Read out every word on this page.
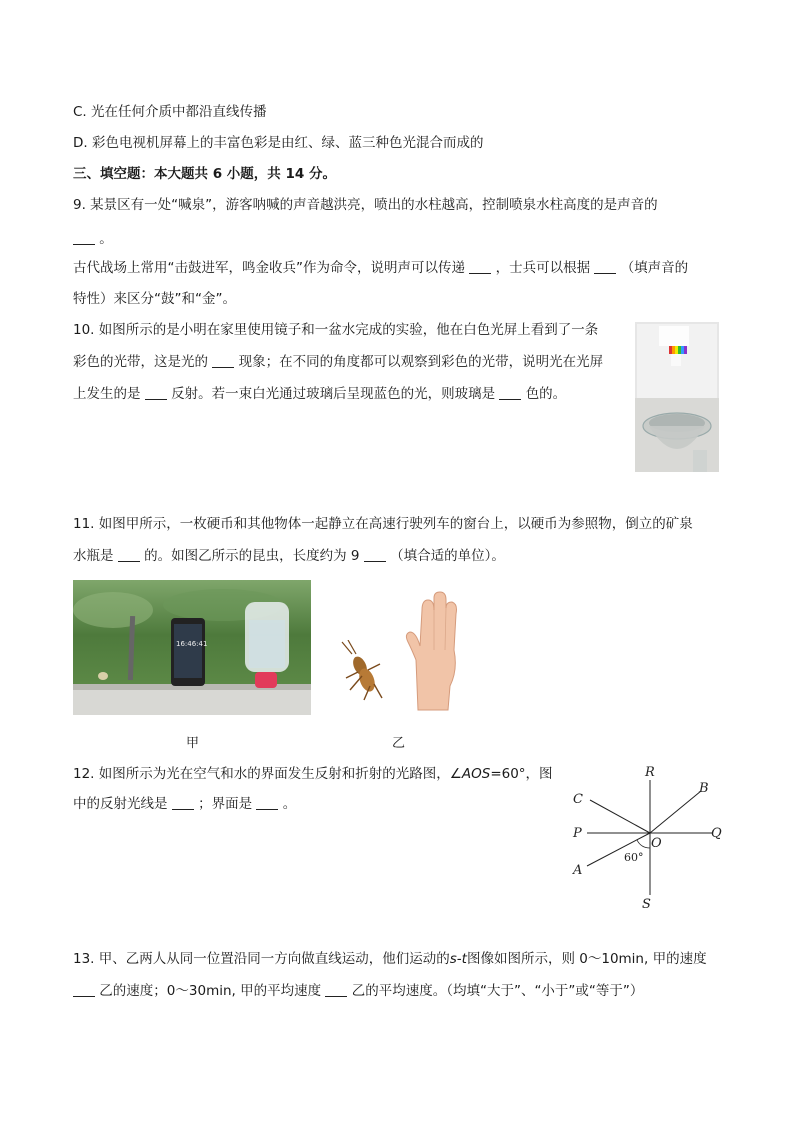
C. 光在任何介质中都沿直线传播
D. 彩色电视机屏幕上的丰富色彩是由红、绿、蓝三种色光混合而成的
三、填空题：本大题共 6 小题，共 14 分。
9. 某景区有一处“喊泉”，游客呐喊的声音越洪亮，喷出的水柱越高，控制喷泉水柱高度的是声音的
。
古代战场上常用“击鼓进军，鸣金收兵”作为命令，说明声可以传递 ，士兵可以根据 （填声音的
特性）来区分“鼓”和“金”。
10. 如图所示的是小明在家里使用镜子和一盆水完成的实验，他在白色光屏上看到了一条
彩色的光带，这是光的 现象；在不同的角度都可以观察到彩色的光带，说明光在光屏
上发生的是 反射。若一束白光通过玻璃后呈现蓝色的光，则玻璃是 色的。
11. 如图甲所示，一枚硬币和其他物体一起静立在高速行驶列车的窗台上，以硬币为参照物，倒立的矿泉
水瓶是 的。如图乙所示的昆虫，长度约为 9 （填合适的单位）。
16:46:41
甲	乙
12. 如图所示为光在空气和水的界面发生反射和折射的光路图，∠AOS=60°，图
中的反射光线是 ；界面是 。
R
B
C
P
O
Q
A
60°
S
13. 甲、乙两人从同一位置沿同一方向做直线运动，他们运动的s-t图像如图所示，则 0～10min, 甲的速度
乙的速度；0～30min, 甲的平均速度 乙的平均速度。（均填“大于”、“小于”或“等于”）
